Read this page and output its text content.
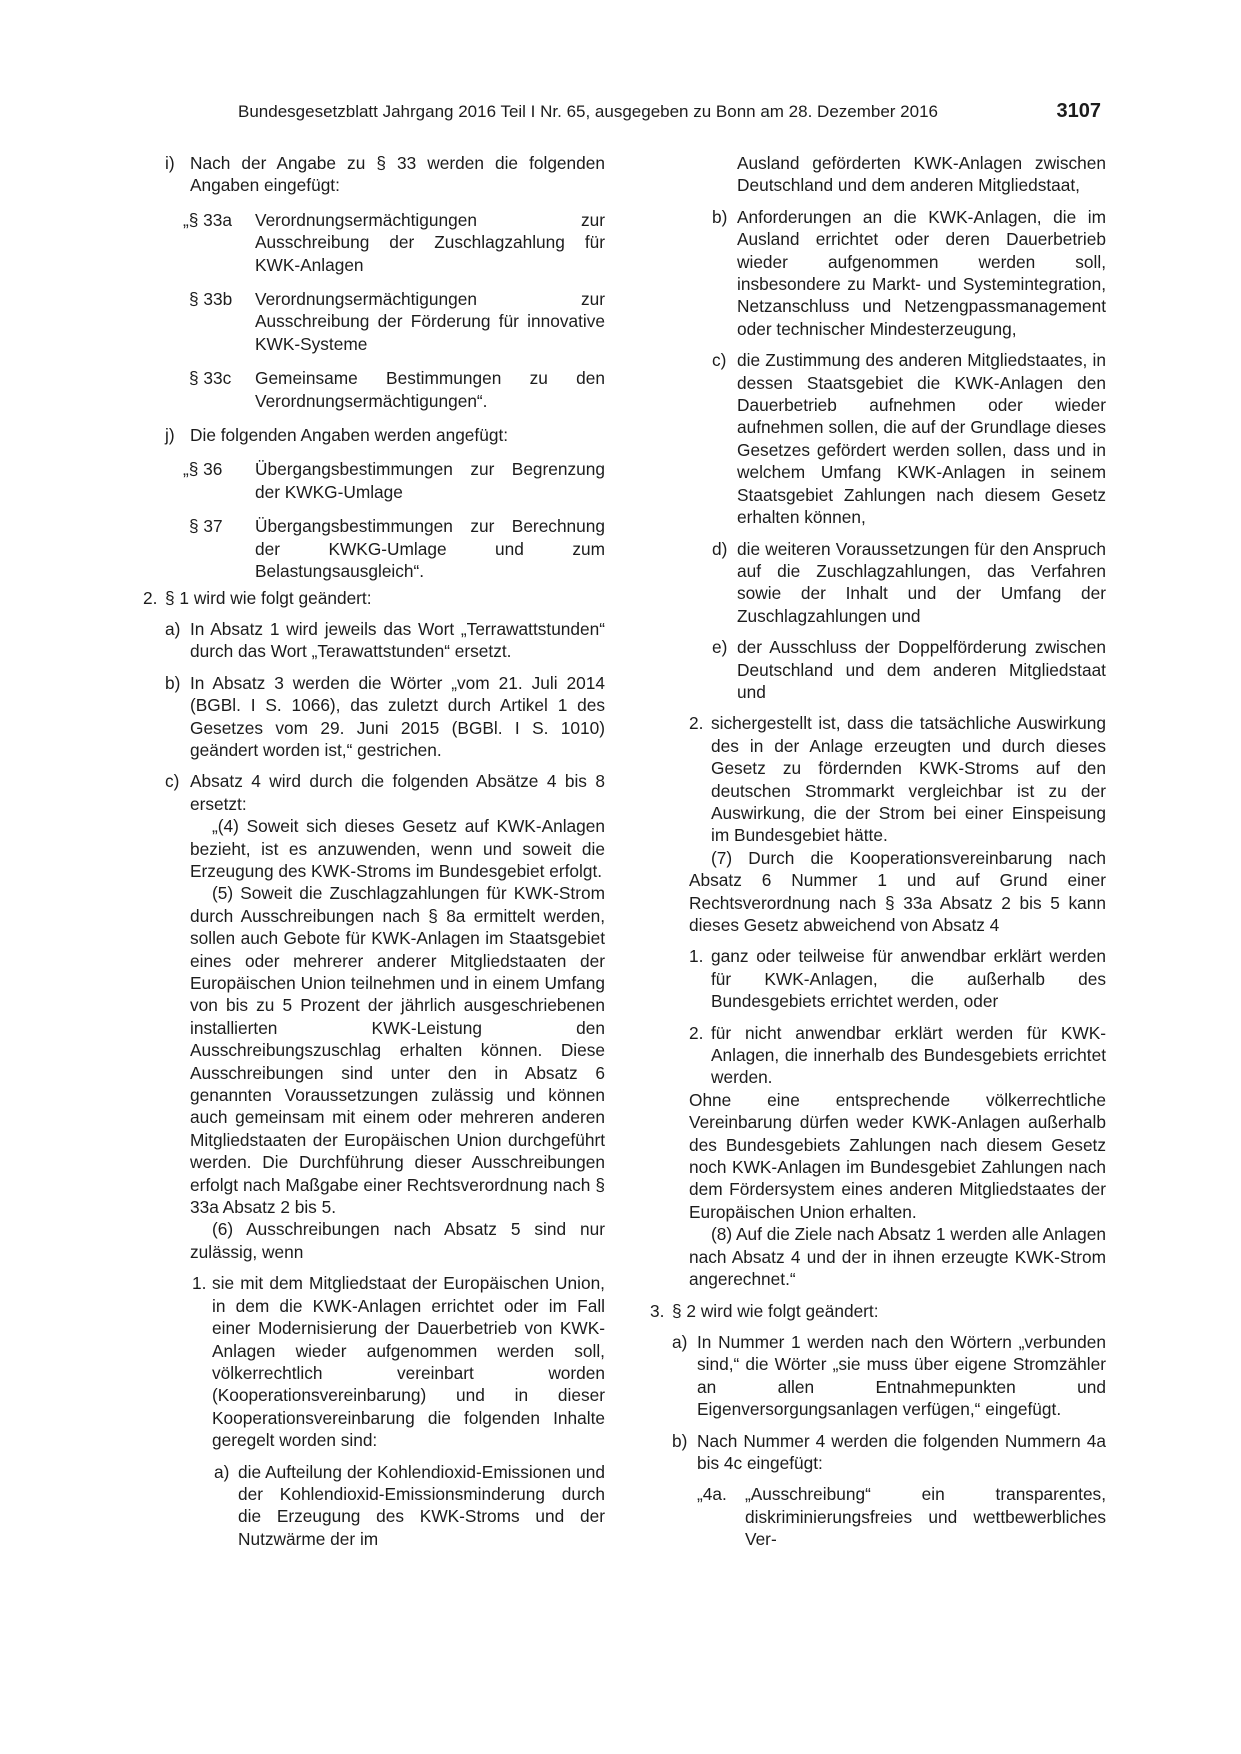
Bundesgesetzblatt Jahrgang 2016 Teil I Nr. 65, ausgegeben zu Bonn am 28. Dezember 2016	3107
i) Nach der Angabe zu § 33 werden die folgenden Angaben eingefügt:

„§ 33a Verordnungsermächtigungen zur Ausschreibung der Zuschlagzahlung für KWK-Anlagen

§ 33b Verordnungsermächtigungen zur Ausschreibung der Förderung für innovative KWK-Systeme

§ 33c Gemeinsame Bestimmungen zu den Verordnungsermächtigungen“.

j) Die folgenden Angaben werden angefügt:

„§ 36 Übergangsbestimmungen zur Begrenzung der KWKG-Umlage

§ 37 Übergangsbestimmungen zur Berechnung der KWKG-Umlage und zum Belastungsausgleich“.

2. § 1 wird wie folgt geändert:

a) In Absatz 1 wird jeweils das Wort „Terrawattstunden“ durch das Wort „Terawattstunden“ ersetzt.

b) In Absatz 3 werden die Wörter „vom 21. Juli 2014 (BGBl. I S. 1066), das zuletzt durch Artikel 1 des Gesetzes vom 29. Juni 2015 (BGBl. I S. 1010) geändert worden ist,“ gestrichen.

c) Absatz 4 wird durch die folgenden Absätze 4 bis 8 ersetzt:

„(4) Soweit sich dieses Gesetz auf KWK-Anlagen bezieht, ist es anzuwenden, wenn und soweit die Erzeugung des KWK-Stroms im Bundesgebiet erfolgt.

(5) Soweit die Zuschlagzahlungen für KWK-Strom durch Ausschreibungen nach § 8a ermittelt werden, sollen auch Gebote für KWK-Anlagen im Staatsgebiet eines oder mehrerer anderer Mitgliedstaaten der Europäischen Union teilnehmen und in einem Umfang von bis zu 5 Prozent der jährlich ausgeschriebenen installierten KWK-Leistung den Ausschreibungszuschlag erhalten können. Diese Ausschreibungen sind unter den in Absatz 6 genannten Voraussetzungen zulässig und können auch gemeinsam mit einem oder mehreren anderen Mitgliedstaaten der Europäischen Union durchgeführt werden. Die Durchführung dieser Ausschreibungen erfolgt nach Maßgabe einer Rechtsverordnung nach § 33a Absatz 2 bis 5.

(6) Ausschreibungen nach Absatz 5 sind nur zulässig, wenn

1. sie mit dem Mitgliedstaat der Europäischen Union, in dem die KWK-Anlagen errichtet oder im Fall einer Modernisierung der Dauerbetrieb von KWK-Anlagen wieder aufgenommen werden soll, völkerrechtlich vereinbart worden (Kooperationsvereinbarung) und in dieser Kooperationsvereinbarung die folgenden Inhalte geregelt worden sind:

a) die Aufteilung der Kohlendioxid-Emissionen und der Kohlendioxid-Emissionsminderung durch die Erzeugung des KWK-Stroms und der Nutzwärme der im

Ausland geförderten KWK-Anlagen zwischen Deutschland und dem anderen Mitgliedstaat,

b) Anforderungen an die KWK-Anlagen, die im Ausland errichtet oder deren Dauerbetrieb wieder aufgenommen werden soll, insbesondere zu Markt- und Systemintegration, Netzanschluss und Netzengpassmanagement oder technischer Mindesterzeugung,

c) die Zustimmung des anderen Mitgliedstaates, in dessen Staatsgebiet die KWK-Anlagen den Dauerbetrieb aufnehmen oder wieder aufnehmen sollen, die auf der Grundlage dieses Gesetzes gefördert werden sollen, dass und in welchem Umfang KWK-Anlagen in seinem Staatsgebiet Zahlungen nach diesem Gesetz erhalten können,

d) die weiteren Voraussetzungen für den Anspruch auf die Zuschlagzahlungen, das Verfahren sowie der Inhalt und der Umfang der Zuschlagzahlungen und

e) der Ausschluss der Doppelförderung zwischen Deutschland und dem anderen Mitgliedstaat und

2. sichergestellt ist, dass die tatsächliche Auswirkung des in der Anlage erzeugten und durch dieses Gesetz zu fördernden KWK-Stroms auf den deutschen Strommarkt vergleichbar ist zu der Auswirkung, die der Strom bei einer Einspeisung im Bundesgebiet hätte.

(7) Durch die Kooperationsvereinbarung nach Absatz 6 Nummer 1 und auf Grund einer Rechtsverordnung nach § 33a Absatz 2 bis 5 kann dieses Gesetz abweichend von Absatz 4

1. ganz oder teilweise für anwendbar erklärt werden für KWK-Anlagen, die außerhalb des Bundesgebiets errichtet werden, oder

2. für nicht anwendbar erklärt werden für KWK-Anlagen, die innerhalb des Bundesgebiets errichtet werden.

Ohne eine entsprechende völkerrechtliche Vereinbarung dürfen weder KWK-Anlagen außerhalb des Bundesgebiets Zahlungen nach diesem Gesetz noch KWK-Anlagen im Bundesgebiet Zahlungen nach dem Fördersystem eines anderen Mitgliedstaates der Europäischen Union erhalten.

(8) Auf die Ziele nach Absatz 1 werden alle Anlagen nach Absatz 4 und der in ihnen erzeugte KWK-Strom angerechnet.“

3. § 2 wird wie folgt geändert:

a) In Nummer 1 werden nach den Wörtern „verbunden sind,“ die Wörter „sie muss über eigene Stromzähler an allen Entnahmepunkten und Eigenversorgungsanlagen verfügen,“ eingefügt.

b) Nach Nummer 4 werden die folgenden Nummern 4a bis 4c eingefügt:

„4a. „Ausschreibung“ ein transparentes, diskriminierungsfreies und wettbewerbliches Ver-
